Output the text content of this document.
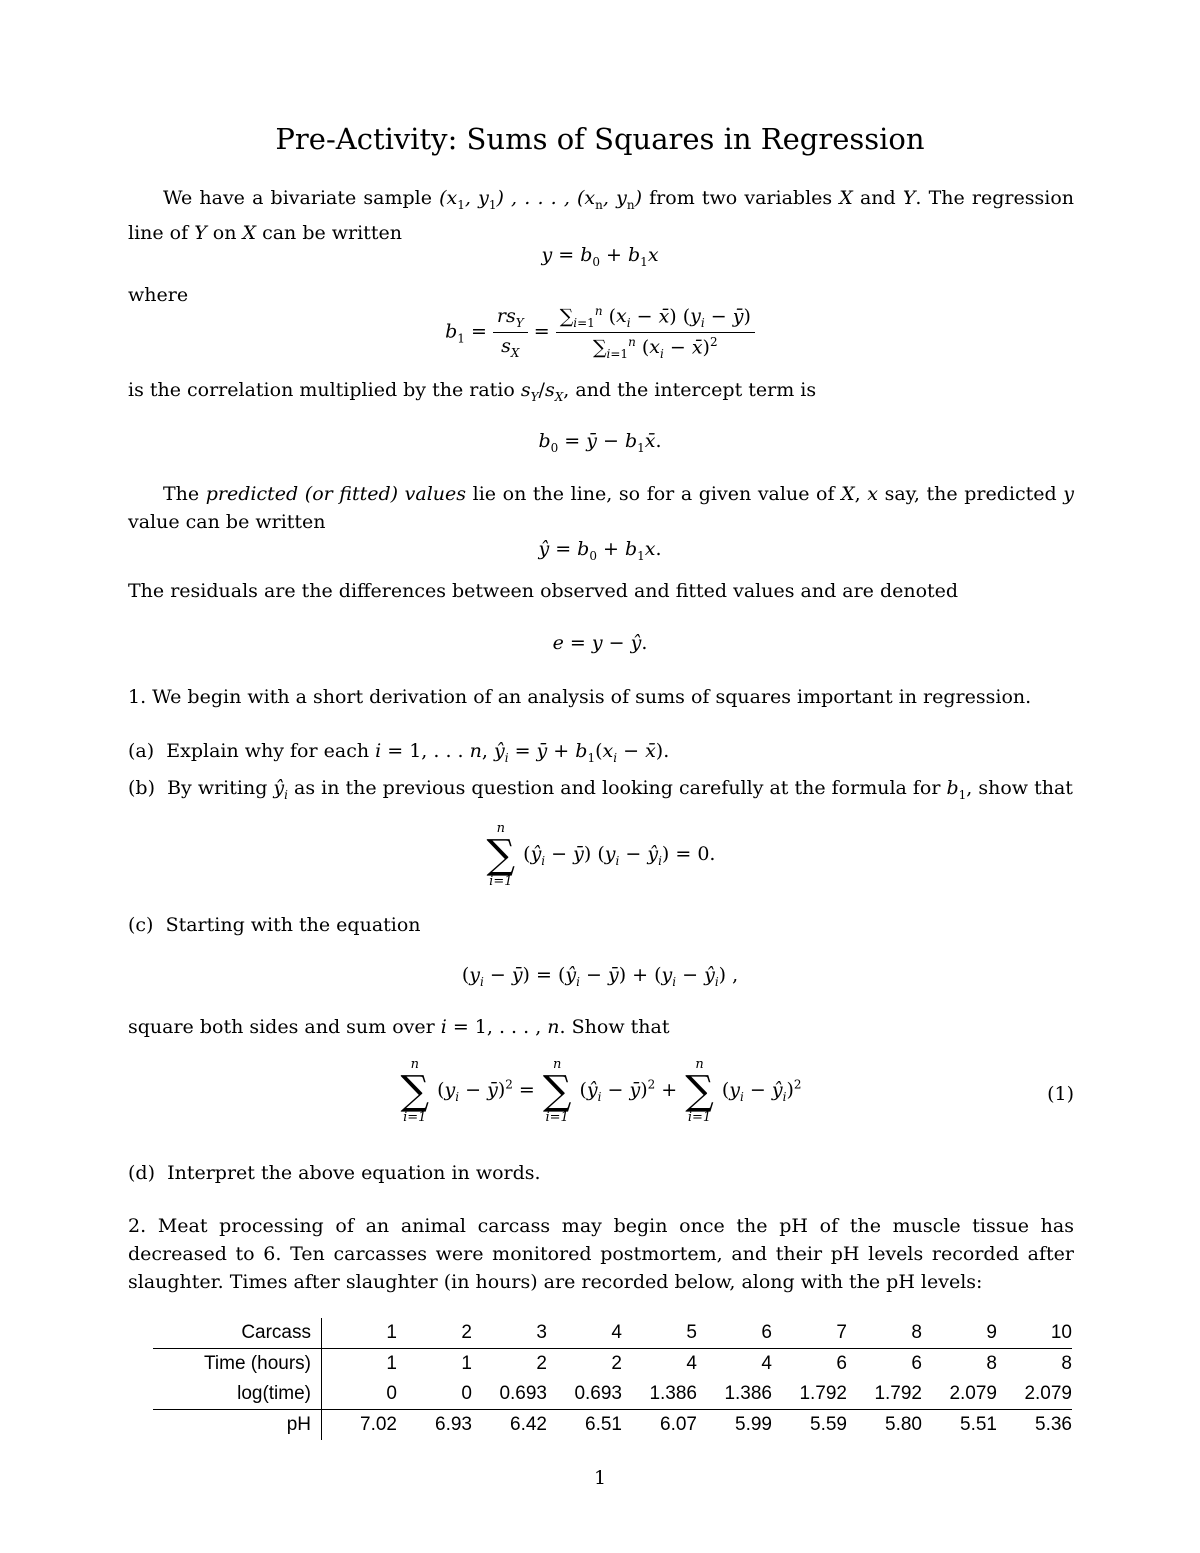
Pre-Activity: Sums of Squares in Regression
We have a bivariate sample ($x_1$, $y_1$) , . . . , ($x_n$, $y_n$) from two variables X and Y. The regression line of Y on X can be written
$y = b_0 + b_1x$
where
$b_1 = \frac{rs_Y}{s_X} = \frac{\sum_{i=1}^n (x_i - x̄) (y_i - ȳ)}{\sum_{i=1}^n (x_i - x̄)^2}$
is the correlation multiplied by the ratio $s_Y/s_X$, and the intercept term is
$b_0$ = ȳ − $b_1x̄$.
The predicted (or fitted) values lie on the line, so for a given value of X, x say, the predicted y value can be written
ŷ = $b_0 + b_1x$.
The residuals are the differences between observed and fitted values and are denoted
e = y − ŷ.
1. We begin with a short derivation of an analysis of sums of squares important in regression.
(a) Explain why for each i = 1, . . . n, $ŷ_i$ = ȳ + $b_1(x_i$ − x̄).
(b) By writing $ŷ_i$ as in the previous question and looking carefully at the formula for $b_1$, show that
n
∑
i=1
($ŷ_i$ − ȳ) ($y_i$ − $ŷ_i) = 0$.
(c) Starting with the equation
($y_i$ − ȳ) = ($ŷ_i$ − ȳ) + ($y_i$ − $ŷ_i$) ,
square both sides and sum over i = 1, . . . , n. Show that
n
∑
i=1
($y_i$ − ȳ)$^2$ =
n
∑
i=1
($ŷ_i$ − ȳ)$^2$ +
n
∑
i=1
($y_i$ − $ŷ_i)^2$	(1)
(d) Interpret the above equation in words.
2. Meat processing of an animal carcass may begin once the pH of the muscle tissue has decreased to 6. Ten carcasses were monitored postmortem, and their pH levels recorded after slaughter. Times after slaughter (in hours) are recorded below, along with the pH levels:
Carcass	1	2	3	4	5	6	7	8	9	10
Time (hours)	1	1	2	2	4	4	6	6	8	8
log(time)	0	0	0.693	0.693	1.386	1.386	1.792	1.792	2.079	2.079
pH	7.02	6.93	6.42	6.51	6.07	5.99	5.59	5.80	5.51	5.36
1
